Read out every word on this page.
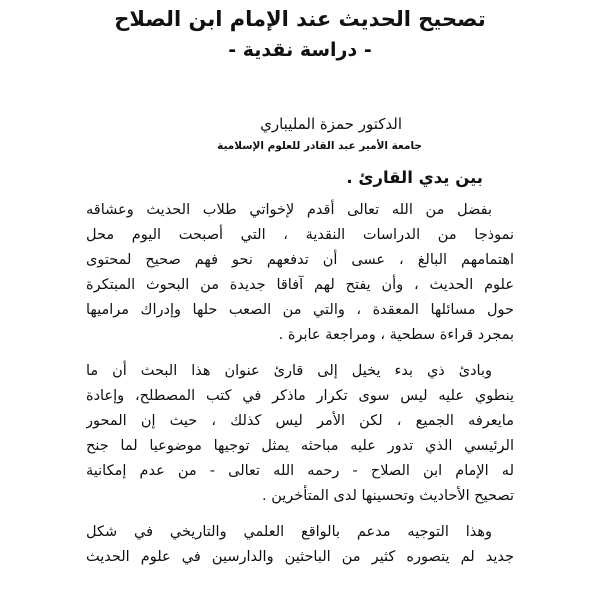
تصحيح الحديث عند الإمام ابن الصلاح
- دراسة نقدية -
الدكتور حمزة المليباري
جامعة الأمير عبد القادر للعلوم الإسلامية
بين يدي القارئ .
بفضل من الله تعالى أقدم لإخواتي طلاب الحديث وعشاقه
نموذجا من الدراسات النقدية ، التي أصبحت اليوم محل
اهتمامهم البالغ ، عسى أن تدفعهم نحو فهم صحيح لمحتوى
علوم الحديث ، وأن يفتح لهم آفاقا جديدة من البحوث المبتكرة
حول مسائلها المعقدة ، والتي من الصعب حلها وإدراك مراميها
بمجرد قراءة سطحية ، ومراجعة عابرة .
وبادئ ذي بدء يخيل إلى قارئ عنوان هذا البحث أن ما
ينطوي عليه ليس سوى تكرار ماذكر في كتب المصطلح، وإعادة
مايعرفه الجميع ، لكن الأمر ليس كذلك ، حيث إن المحور
الرئيسي الذي تدور عليه مباحثه يمثل توجيها موضوعيا لما جنح
له الإمام ابن الصلاح - رحمه الله تعالى - من عدم إمكانية
تصحيح الأحاديث وتحسينها لدى المتأخرين .
وهذا التوجيه مدعم بالواقع العلمي والتاريخي في شكل
جديد لم يتصوره كثير من الباحثين والدارسين في علوم الحديث
